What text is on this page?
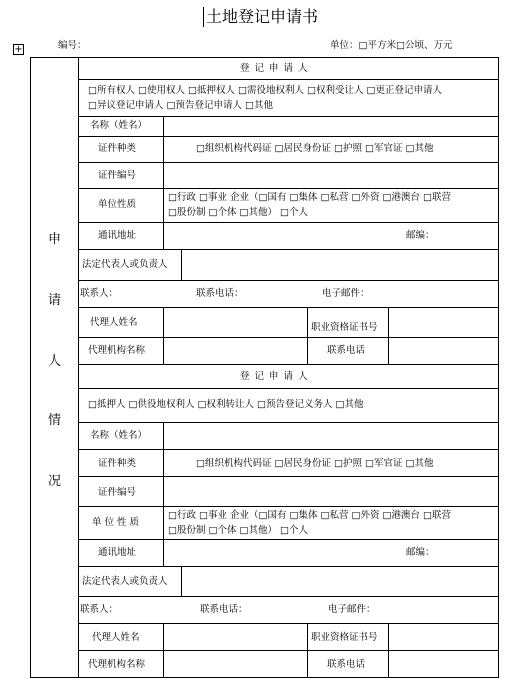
土地登记申请书
编号：	单位：□平方米□公顷、万元
+
申
请
人
情
况
登 记 申 请 人
□所有权人 □使用权人 □抵押权人 □需役地权利人 □权利受让人 □更正登记申请人
□异议登记申请人 □预告登记申请人 □其他
名称（姓名）
证件种类	□组织机构代码证 □居民身份证 □护照 □军官证 □其他
证件编号
单位性质
□行政 □事业 企业（□国有 □集体 □私营 □外资 □港澳台 □联营
□股份制 □个体 □其他） □个人
通讯地址	邮编：
法定代表人或负责人
联系人：	联系电话：	电子邮件：
代理人姓名	职业资格证书号
代理机构名称	联系电话
登 记 申 请 人
□抵押人 □供役地权利人 □权利转让人 □预告登记义务人 □其他
名称（姓名）
证件种类	□组织机构代码证 □居民身份证 □护照 □军官证 □其他
证件编号
单 位 性 质
□行政 □事业 企业（□国有 □集体 □私营 □外资 □港澳台 □联营
□股份制 □个体 □其他） □个人
通讯地址	邮编：
法定代表人或负责人
联系人：	联系电话：	电子邮件：
代理人姓名	职业资格证书号
代理机构名称	联系电话
